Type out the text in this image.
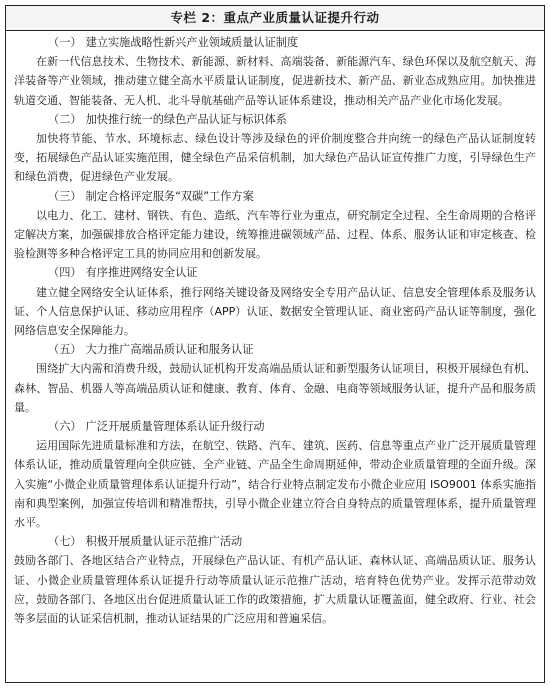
专栏 2：重点产业质量认证提升行动

（一） 建立实施战略性新兴产业领域质量认证制度

在新一代信息技术、生物技术、新能源、新材料、高端装备、新能源汽车、绿色环保以及航空航天、海洋装备等产业领域，推动建立健全高水平质量认证制度，促进新技术、新产品、新业态成熟应用。加快推进轨道交通、智能装备、无人机、北斗导航基础产品等认证体系建设，推动相关产品产业化市场化发展。

（二） 加快推行统一的绿色产品认证与标识体系

加快将节能、节水、环境标志、绿色设计等涉及绿色的评价制度整合并向统一的绿色产品认证制度转变，拓展绿色产品认证实施范围，健全绿色产品采信机制，加大绿色产品认证宣传推广力度，引导绿色生产和绿色消费，促进绿色产业发展。

（三） 制定合格评定服务“双碳”工作方案

以电力、化工、建材、钢铁、有色、造纸、汽车等行业为重点，研究制定全过程、全生命周期的合格评定解决方案，加强碳排放合格评定能力建设，统筹推进碳领域产品、过程、体系、服务认证和审定核查、检验检测等多种合格评定工具的协同应用和创新发展。

（四） 有序推进网络安全认证

建立健全网络安全认证体系，推行网络关键设备及网络安全专用产品认证、信息安全管理体系及服务认证、个人信息保护认证、移动应用程序（APP）认证、数据安全管理认证、商业密码产品认证等制度，强化网络信息安全保障能力。

（五） 大力推广高端品质认证和服务认证

围绕扩大内需和消费升级，鼓励认证机构开发高端品质认证和新型服务认证项目，积极开展绿色有机、森林、智品、机器人等高端品质认证和健康、教育、体育、金融、电商等领域服务认证，提升产品和服务质量。

（六） 广泛开展质量管理体系认证升级行动

运用国际先进质量标准和方法，在航空、铁路、汽车、建筑、医药、信息等重点产业广泛开展质量管理体系认证，推动质量管理向全供应链、全产业链、产品全生命周期延伸，带动企业质量管理的全面升级。深入实施“小微企业质量管理体系认证提升行动”，结合行业特点制定发布小微企业应用 ISO9001 体系实施指南和典型案例，加强宣传培训和精准帮扶，引导小微企业建立符合自身特点的质量管理体系，提升质量管理水平。

（七） 积极开展质量认证示范推广活动

鼓励各部门、各地区结合产业特点，开展绿色产品认证、有机产品认证、森林认证、高端品质认证、服务认证、小微企业质量管理体系认证提升行动等质量认证示范推广活动，培育特色优势产业。发挥示范带动效应，鼓励各部门、各地区出台促进质量认证工作的政策措施，扩大质量认证覆盖面，健全政府、行业、社会等多层面的认证采信机制，推动认证结果的广泛应用和普遍采信。
